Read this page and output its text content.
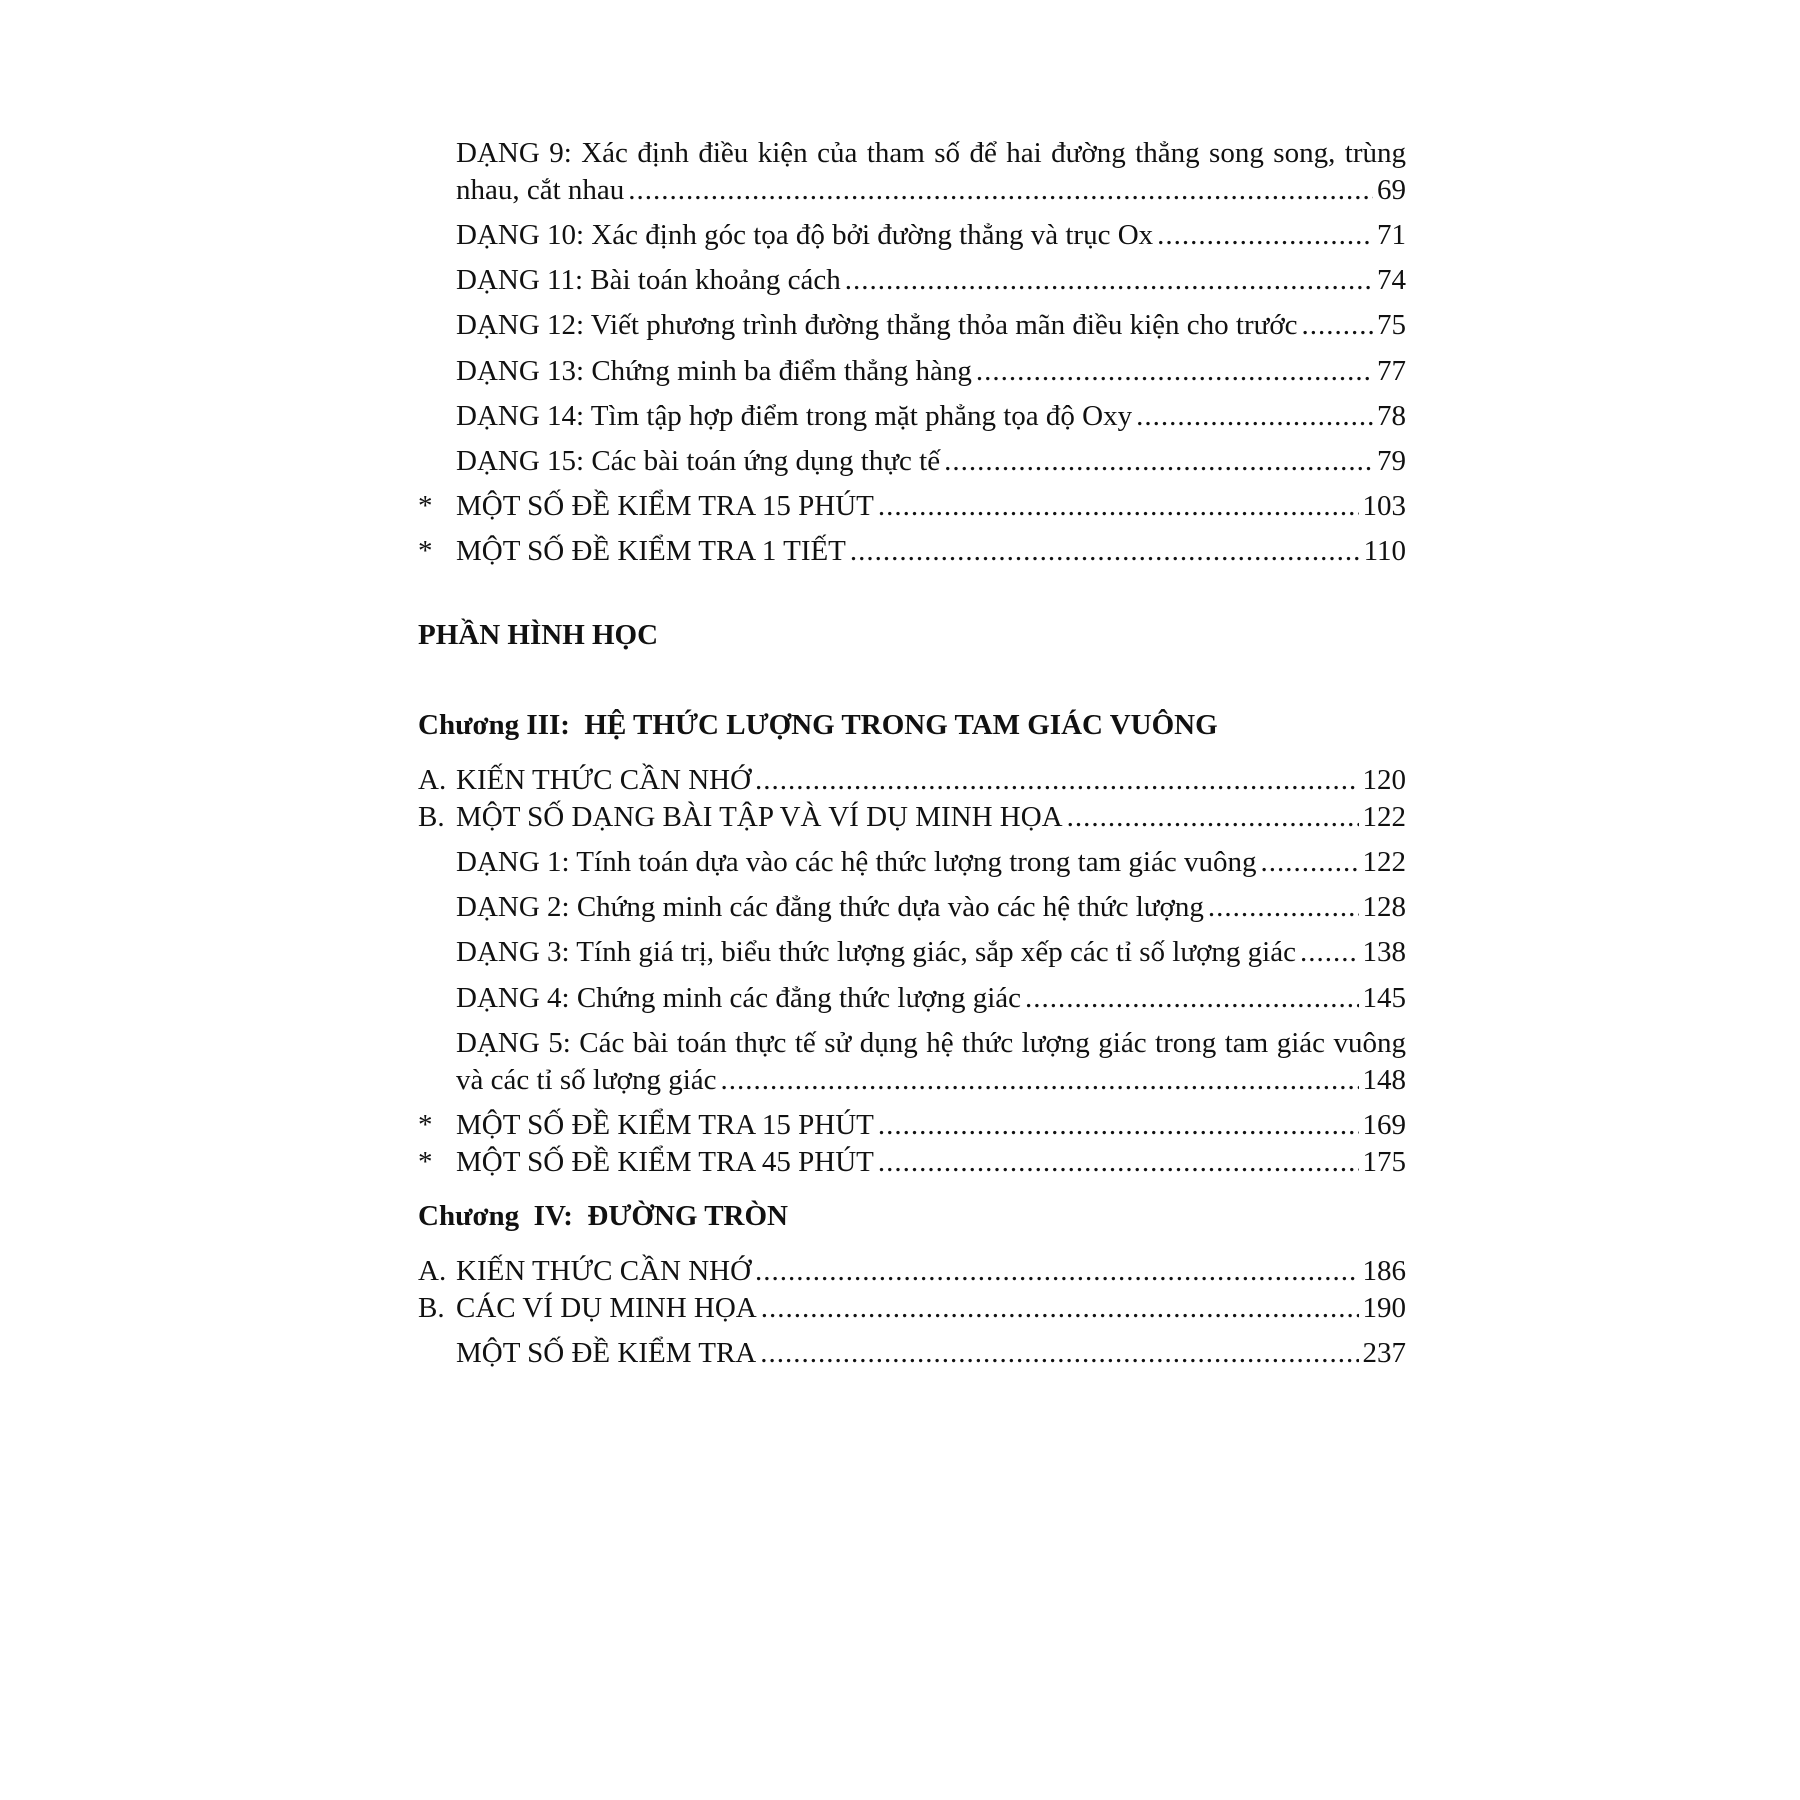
DẠNG 9: Xác định điều kiện của tham số để hai đường thẳng song song, trùng
nhau, cắt nhau .....	69
DẠNG 10: Xác định góc tọa độ bởi đường thẳng và trục Ox .....	71
DẠNG 11: Bài toán khoảng cách .....	74
DẠNG 12: Viết phương trình đường thẳng thỏa mãn điều kiện cho trước .....	75
DẠNG 13: Chứng minh ba điểm thẳng hàng .....	77
DẠNG 14: Tìm tập hợp điểm trong mặt phẳng tọa độ Oxy .....	78
DẠNG 15: Các bài toán ứng dụng thực tế .....	79
* MỘT SỐ ĐỀ KIỂM TRA 15 PHÚT .....	103
* MỘT SỐ ĐỀ KIỂM TRA 1 TIẾT .....	110
PHẦN HÌNH HỌC
Chương III:  HỆ THỨC LƯỢNG TRONG TAM GIÁC VUÔNG
A. KIẾN THỨC CẦN NHỚ .....	120
B. MỘT SỐ DẠNG BÀI TẬP VÀ VÍ DỤ MINH HỌA .....	122
DẠNG 1: Tính toán dựa vào các hệ thức lượng trong tam giác vuông .....	122
DẠNG 2: Chứng minh các đẳng thức dựa vào các hệ thức lượng .....	128
DẠNG 3: Tính giá trị, biểu thức lượng giác, sắp xếp các tỉ số lượng giác ..... 138
DẠNG 4: Chứng minh các đẳng thức lượng giác .....	145
DẠNG 5: Các bài toán thực tế sử dụng hệ thức lượng giác trong tam giác vuông
và các tỉ số lượng giác .....	148
* MỘT SỐ ĐỀ KIỂM TRA 15 PHÚT .....	169
* MỘT SỐ ĐỀ KIỂM TRA 45 PHÚT .....	175
Chương  IV:  ĐƯỜNG TRÒN
A. KIẾN THỨC CẦN NHỚ .....	186
B. CÁC VÍ DỤ MINH HỌA .....	190
MỘT SỐ ĐỀ KIỂM TRA .....	237
